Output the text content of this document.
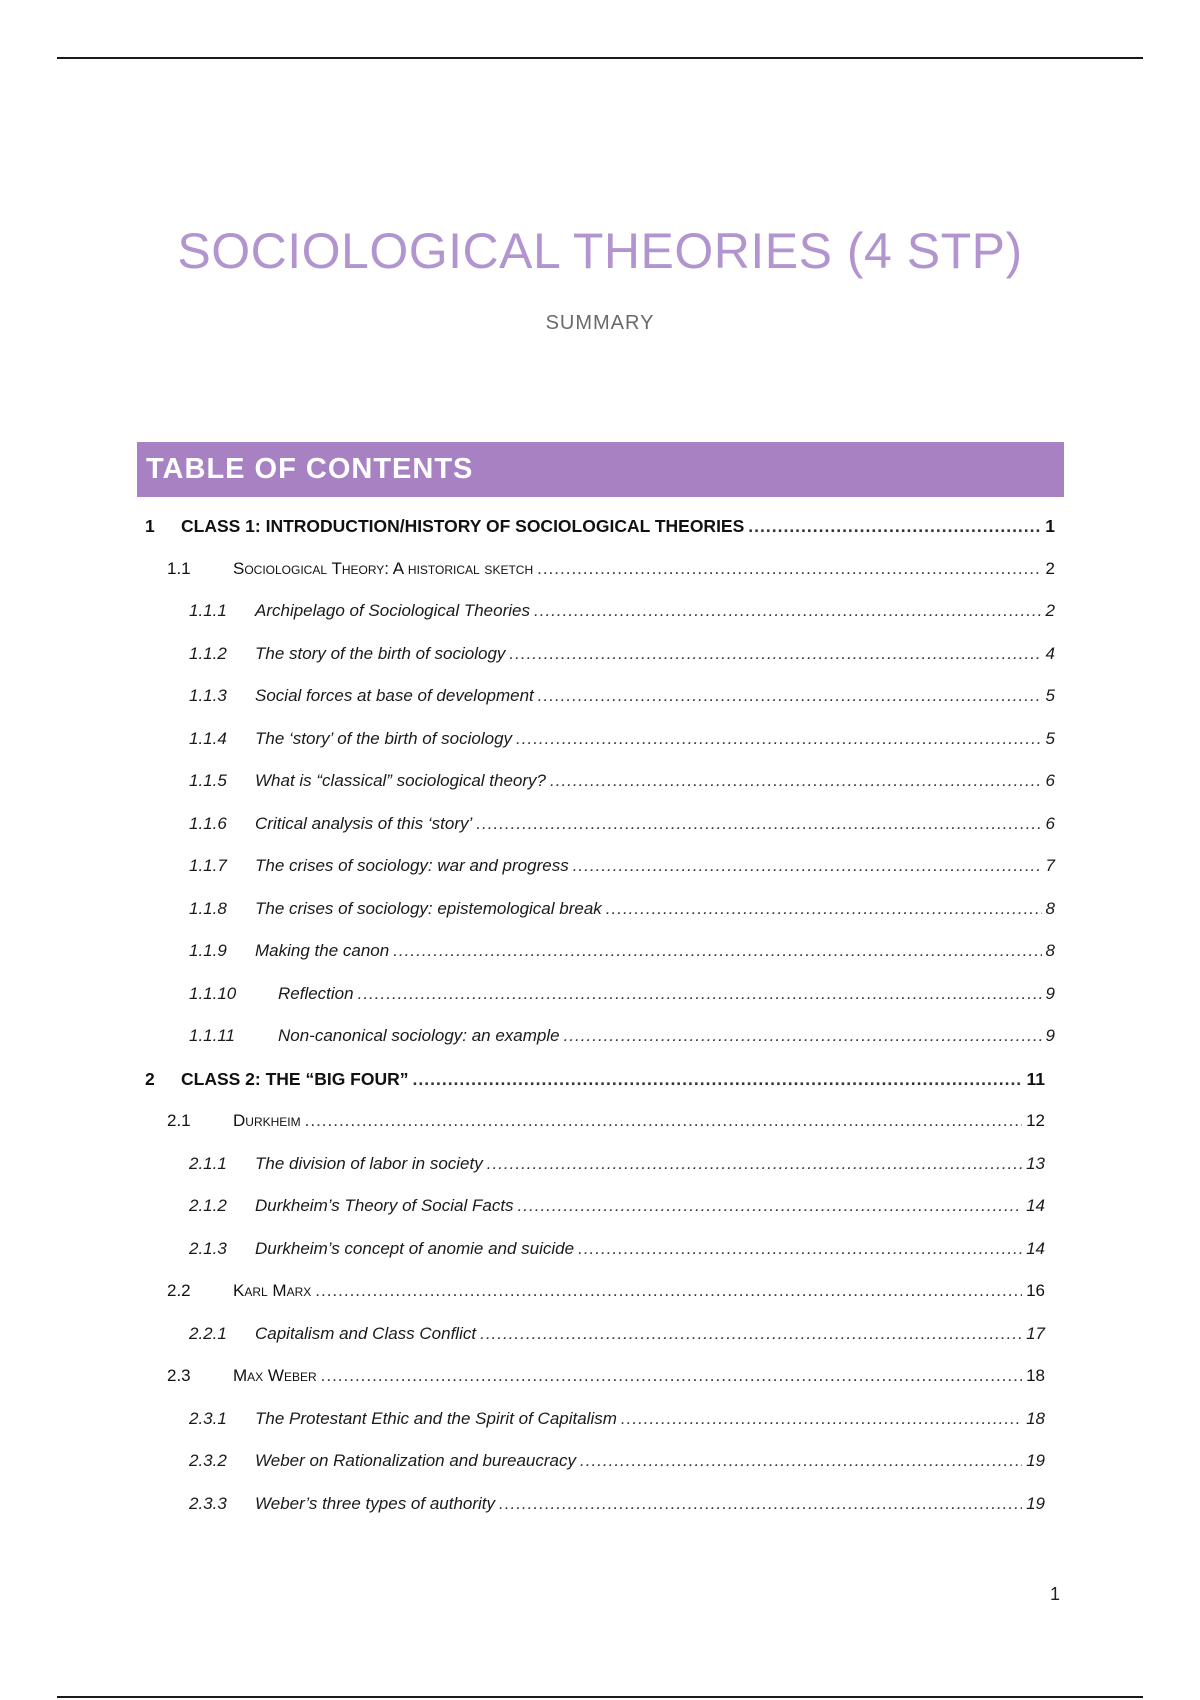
SOCIOLOGICAL THEORIES (4 STP)
SUMMARY
TABLE OF CONTENTS
1	CLASS 1: INTRODUCTION/HISTORY OF SOCIOLOGICAL THEORIES .....	1
1.1	Sociological Theory: A historical sketch .....	2
1.1.1	Archipelago of Sociological Theories .....	2
1.1.2	The story of the birth of sociology .....	4
1.1.3	Social forces at base of development .....	5
1.1.4	The ‘story’ of the birth of sociology .....	5
1.1.5	What is “classical” sociological theory? .....	6
1.1.6	Critical analysis of this ‘story’ .....	6
1.1.7	The crises of sociology: war and progress .....	7
1.1.8	The crises of sociology: epistemological break .....	8
1.1.9	Making the canon .....	8
1.1.10	Reflection .....	9
1.1.11	Non-canonical sociology: an example .....	9
2	CLASS 2: THE “BIG FOUR” .....	11
2.1	Durkheim .....	12
2.1.1	The division of labor in society .....	13
2.1.2	Durkheim’s Theory of Social Facts .....	14
2.1.3	Durkheim’s concept of anomie and suicide .....	14
2.2	Karl Marx .....	16
2.2.1	Capitalism and Class Conflict .....	17
2.3	Max Weber .....	18
2.3.1	The Protestant Ethic and the Spirit of Capitalism .....	18
2.3.2	Weber on Rationalization and bureaucracy .....	19
2.3.3	Weber’s three types of authority .....	19
1
